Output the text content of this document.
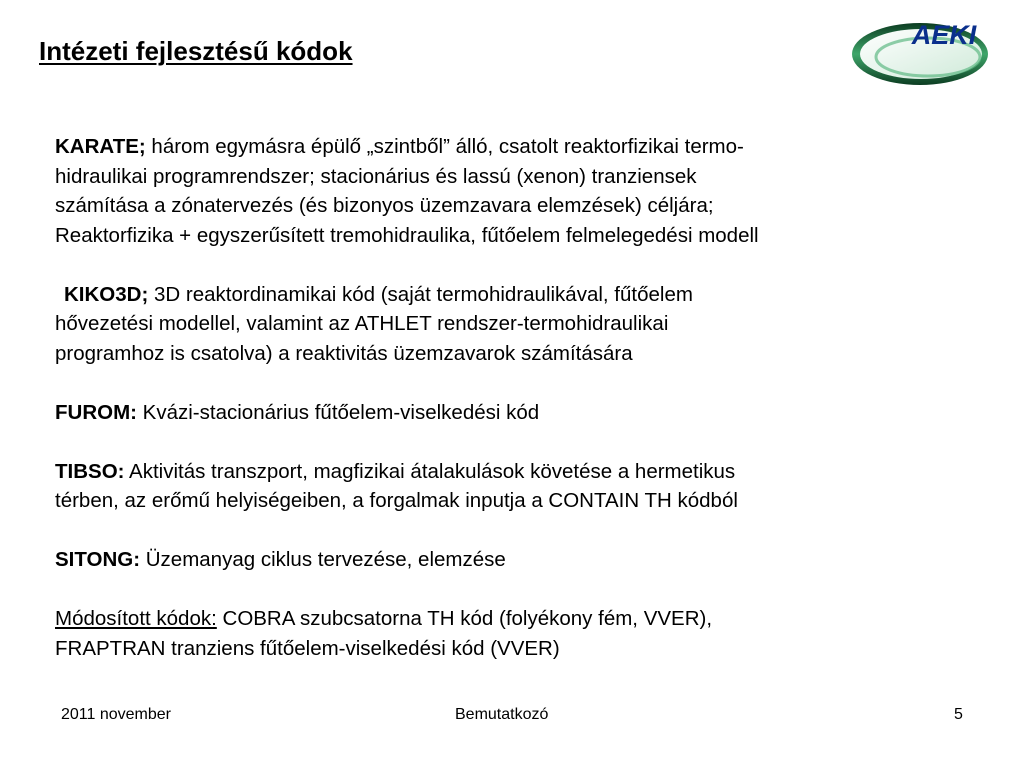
Intézeti fejlesztésű kódok
AEKI

KARATE; három egymásra épülő „szintből” álló, csatolt reaktorfizikai termo-
hidraulikai programrendszer; stacionárius és lassú (xenon) tranziensek
számítása a zónatervezés (és bizonyos üzemzavara elemzések) céljára;
Reaktorfizika + egyszerűsített tremohidraulika, fűtőelem felmelegedési modell

KIKO3D; 3D reaktordinamikai kód (saját termohidraulikával, fűtőelem
hővezetési modellel, valamint az ATHLET rendszer-termohidraulikai
programhoz is csatolva) a reaktivitás üzemzavarok számítására

FUROM: Kvázi-stacionárius fűtőelem-viselkedési kód

TIBSO: Aktivitás transzport, magfizikai átalakulások követése a hermetikus
térben, az erőmű helyiségeiben, a forgalmak inputja a CONTAIN TH kódból

SITONG: Üzemanyag ciklus tervezése, elemzése

Módosított kódok: COBRA szubcsatorna TH kód (folyékony fém, VVER),
FRAPTRAN tranziens fűtőelem-viselkedési kód (VVER)

2011 november	Bemutatkozó	5
